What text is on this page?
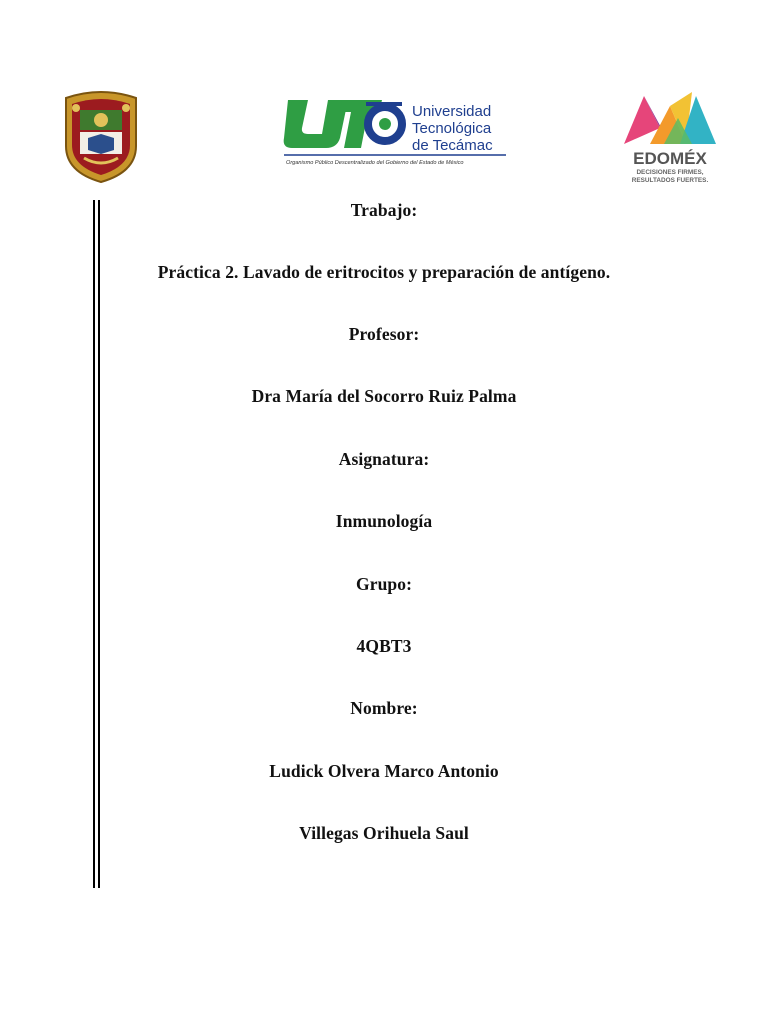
Universidad
Tecnológica
de Tecámac
Organismo Público Descentralizado del Gobierno del Estado de México	EDOMÉX
DECISIONES FIRMES,
RESULTADOS FUERTES.
Trabajo:
Práctica 2. Lavado de eritrocitos y preparación de antígeno.
Profesor:
Dra María del Socorro Ruiz Palma
Asignatura:
Inmunología
Grupo:
4QBT3
Nombre:
Ludick Olvera Marco Antonio
Villegas Orihuela Saul
